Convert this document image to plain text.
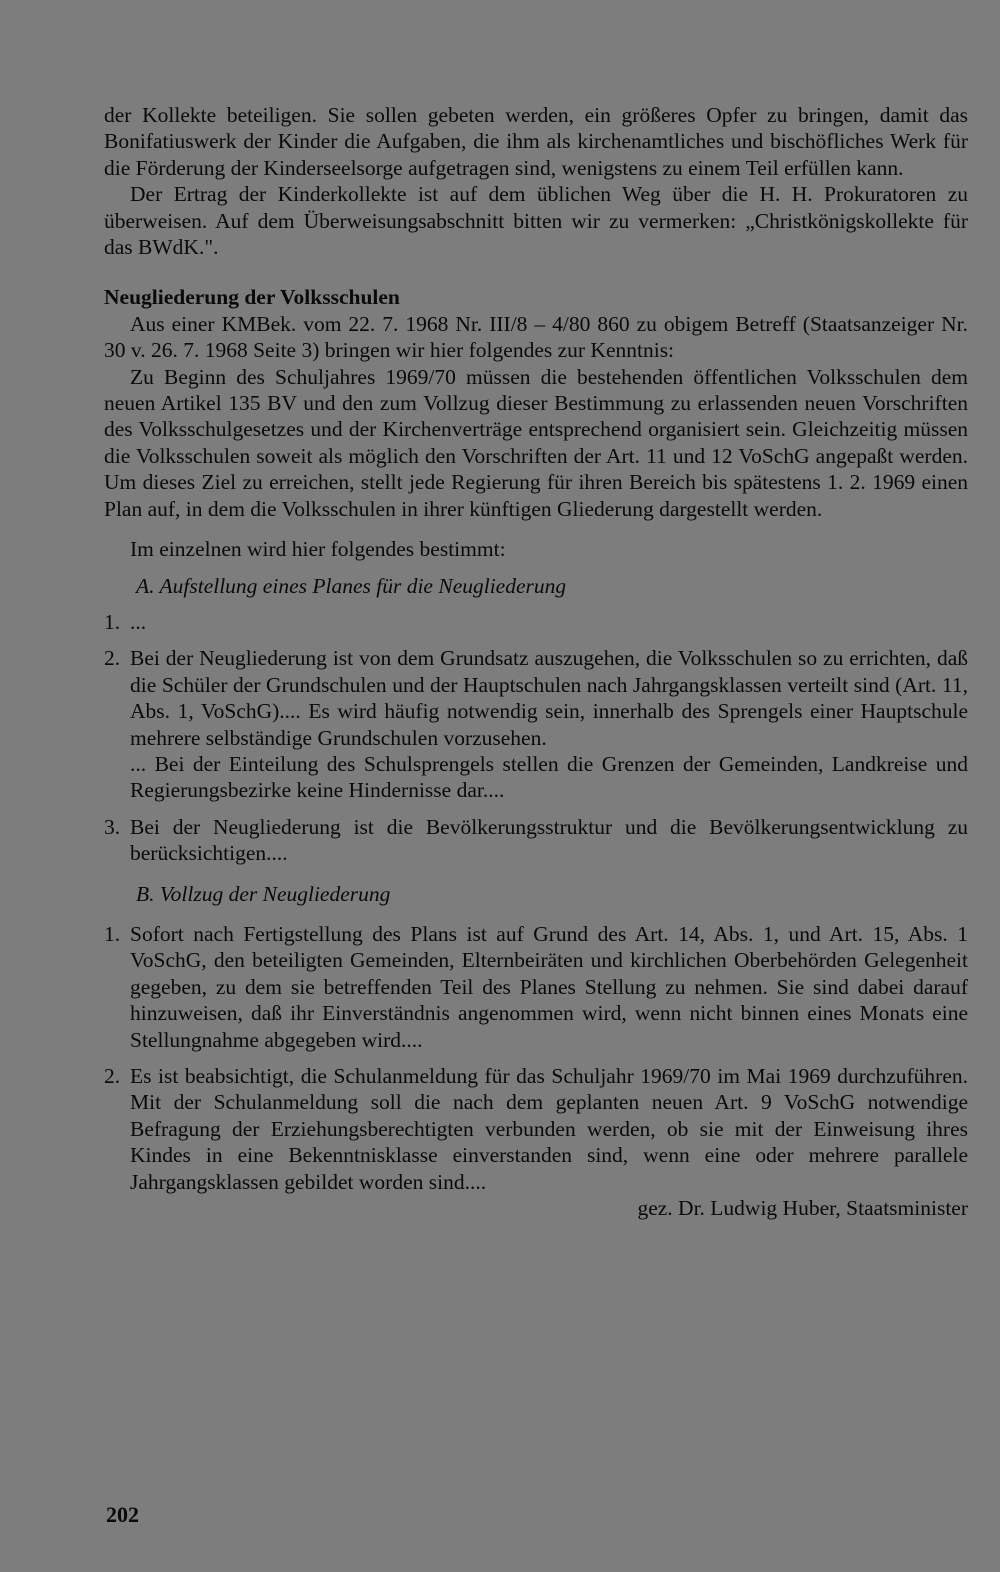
der Kollekte beteiligen. Sie sollen gebeten werden, ein größeres Opfer zu bringen, damit das Bonifatiuswerk der Kinder die Aufgaben, die ihm als kirchenamtliches und bischöfliches Werk für die Förderung der Kinderseelsorge aufgetragen sind, wenigstens zu einem Teil erfüllen kann.

Der Ertrag der Kinderkollekte ist auf dem üblichen Weg über die H. H. Prokuratoren zu überweisen. Auf dem Überweisungsabschnitt bitten wir zu vermerken: „Christkönigskollekte für das BWdK.".

Neugliederung der Volksschulen

Aus einer KMBek. vom 22. 7. 1968 Nr. III/8 – 4/80 860 zu obigem Betreff (Staatsanzeiger Nr. 30 v. 26. 7. 1968 Seite 3) bringen wir hier folgendes zur Kenntnis:

Zu Beginn des Schuljahres 1969/70 müssen die bestehenden öffentlichen Volksschulen dem neuen Artikel 135 BV und den zum Vollzug dieser Bestimmung zu erlassenden neuen Vorschriften des Volksschulgesetzes und der Kirchenverträge entsprechend organisiert sein. Gleichzeitig müssen die Volksschulen soweit als möglich den Vorschriften der Art. 11 und 12 VoSchG angepaßt werden. Um dieses Ziel zu erreichen, stellt jede Regierung für ihren Bereich bis spätestens 1. 2. 1969 einen Plan auf, in dem die Volksschulen in ihrer künftigen Gliederung dargestellt werden.

Im einzelnen wird hier folgendes bestimmt:

A. Aufstellung eines Planes für die Neugliederung

1. ...

2. Bei der Neugliederung ist von dem Grundsatz auszugehen, die Volksschulen so zu errichten, daß die Schüler der Grundschulen und der Hauptschulen nach Jahrgangsklassen verteilt sind (Art. 11, Abs. 1, VoSchG).... Es wird häufig notwendig sein, innerhalb des Sprengels einer Hauptschule mehrere selbständige Grundschulen vorzusehen.

... Bei der Einteilung des Schulsprengels stellen die Grenzen der Gemeinden, Landkreise und Regierungsbezirke keine Hindernisse dar....

3. Bei der Neugliederung ist die Bevölkerungsstruktur und die Bevölkerungsentwicklung zu berücksichtigen....

B. Vollzug der Neugliederung

1. Sofort nach Fertigstellung des Plans ist auf Grund des Art. 14, Abs. 1, und Art. 15, Abs. 1 VoSchG, den beteiligten Gemeinden, Elternbeiräten und kirchlichen Oberbehörden Gelegenheit gegeben, zu dem sie betreffenden Teil des Planes Stellung zu nehmen. Sie sind dabei darauf hinzuweisen, daß ihr Einverständnis angenommen wird, wenn nicht binnen eines Monats eine Stellungnahme abgegeben wird....

2. Es ist beabsichtigt, die Schulanmeldung für das Schuljahr 1969/70 im Mai 1969 durchzuführen. Mit der Schulanmeldung soll die nach dem geplanten neuen Art. 9 VoSchG notwendige Befragung der Erziehungsberechtigten verbunden werden, ob sie mit der Einweisung ihres Kindes in eine Bekenntnisklasse einverstanden sind, wenn eine oder mehrere parallele Jahrgangsklassen gebildet worden sind....

gez. Dr. Ludwig Huber, Staatsminister

202
